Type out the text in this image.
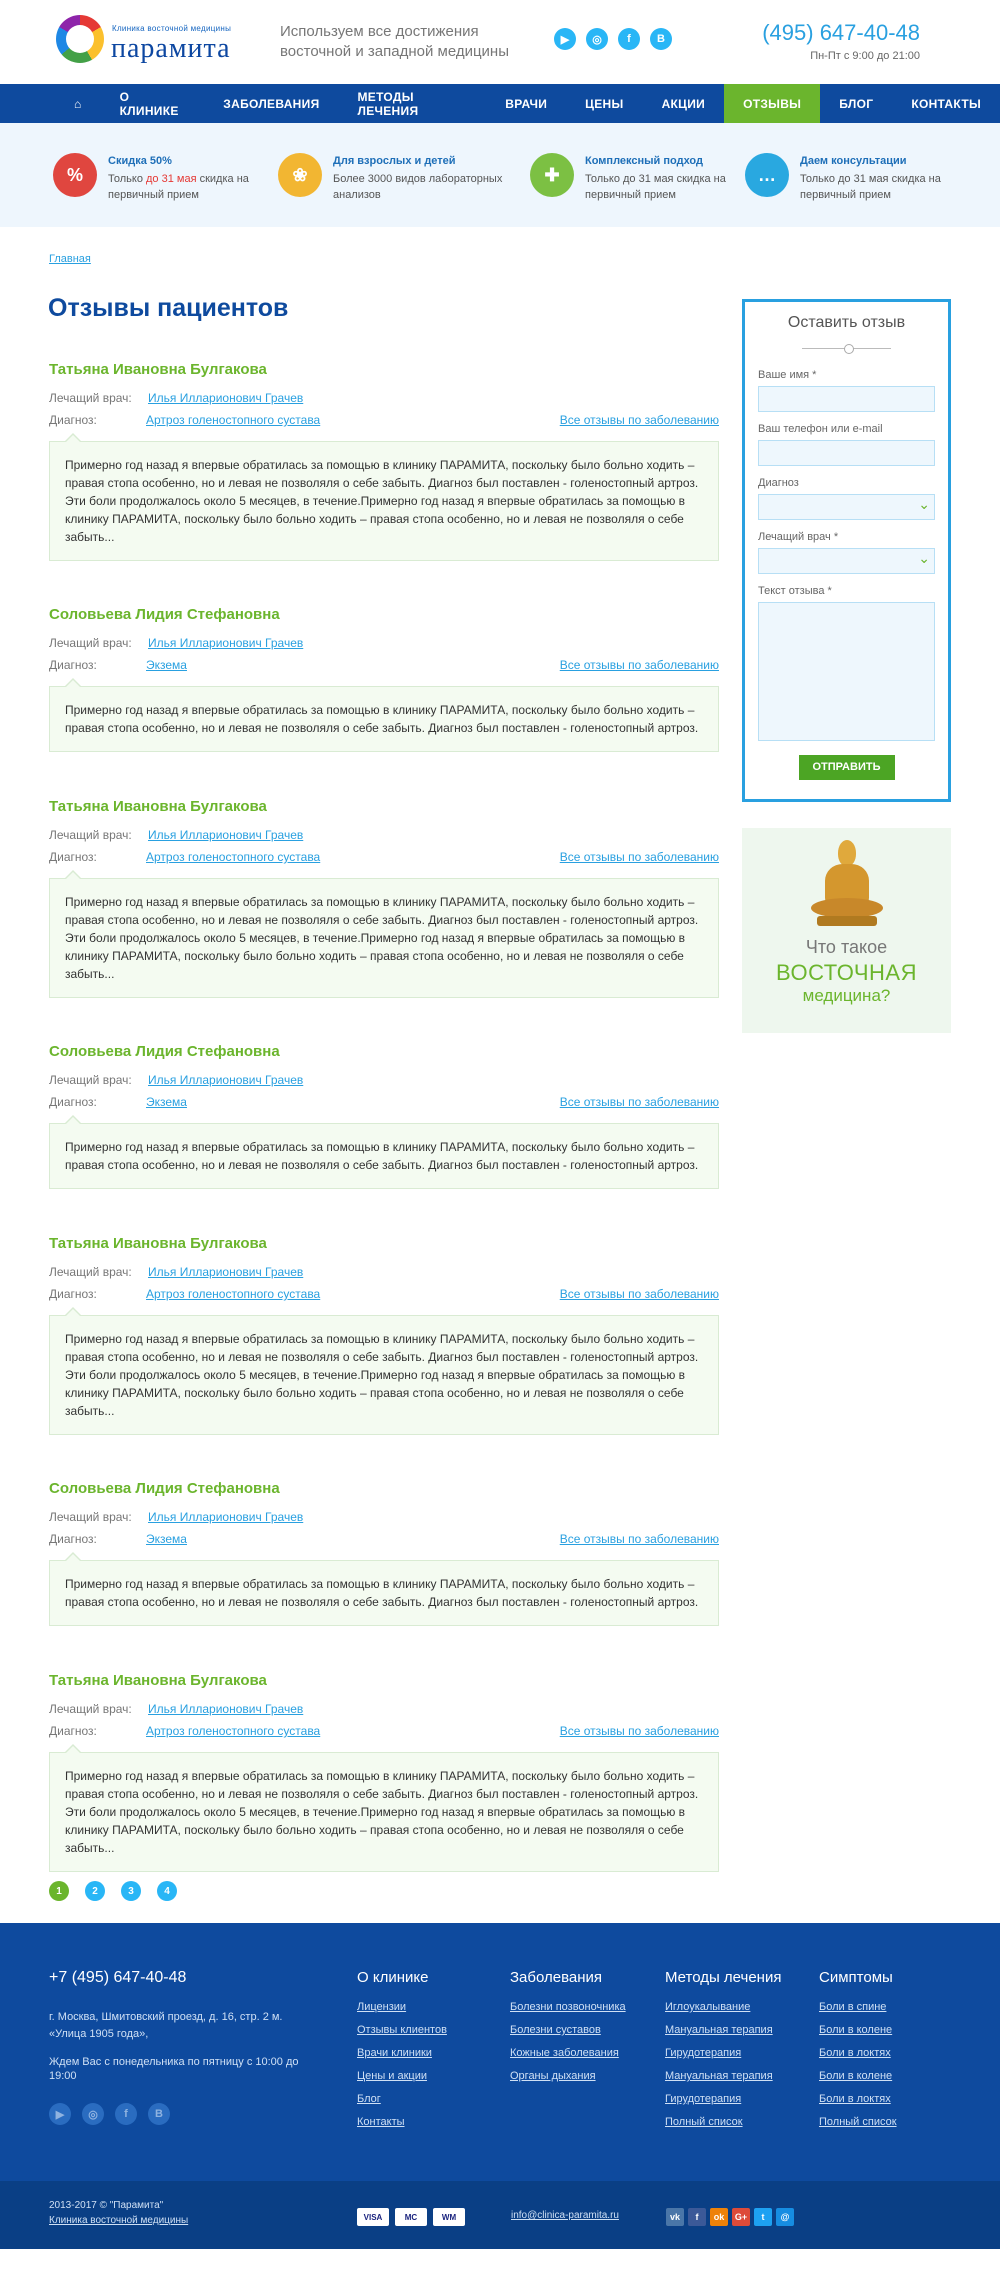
Клиника восточной медицины
парамита
Используем все достижения восточной и западной медицины
▶	◎	f	B	(495) 647-40-48
Пн-Пт с 9:00 до 21:00
⌂	О КЛИНИКЕ	ЗАБОЛЕВАНИЯ	МЕТОДЫ ЛЕЧЕНИЯ	ВРАЧИ	ЦЕНЫ	АКЦИИ	ОТЗЫВЫ	БЛОГ	КОНТАКТЫ
%
Скидка 50%
Только до 31 мая скидка на первичный прием
❀
Для взрослых и детей
Более 3000 видов лабораторных анализов
✚
Комплексный подход
Только до 31 мая скидка на первичный прием
…
Даем консультации
Только до 31 мая скидка на первичный прием
Главная
Отзывы пациентов
Татьяна Ивановна Булгакова
Лечащий врач: Илья Илларионович Грачев
Диагноз:	Артроз голеностопного сустава	Все отзывы по заболеванию
Примерно год назад я впервые обратилась за помощью в клинику ПАРАМИТА, поскольку было больно ходить – правая стопа особенно, но и левая не позволяля о себе забыть. Диагноз был поставлен - голеностопный артроз. Эти боли продолжалось около 5 месяцев, в течение.Примерно год назад я впервые обратилась за помощью в клинику ПАРАМИТА, поскольку было больно ходить – правая стопа особенно, но и левая не позволяля о себе забыть...
Соловьева Лидия Стефановна
Лечащий врач: Илья Илларионович Грачев
Диагноз:	Экзема	Все отзывы по заболеванию
Примерно год назад я впервые обратилась за помощью в клинику ПАРАМИТА, поскольку было больно ходить – правая стопа особенно, но и левая не позволяля о себе забыть. Диагноз был поставлен - голеностопный артроз.
Татьяна Ивановна Булгакова
Лечащий врач: Илья Илларионович Грачев
Диагноз:	Артроз голеностопного сустава	Все отзывы по заболеванию
Примерно год назад я впервые обратилась за помощью в клинику ПАРАМИТА, поскольку было больно ходить – правая стопа особенно, но и левая не позволяля о себе забыть. Диагноз был поставлен - голеностопный артроз. Эти боли продолжалось около 5 месяцев, в течение.Примерно год назад я впервые обратилась за помощью в клинику ПАРАМИТА, поскольку было больно ходить – правая стопа особенно, но и левая не позволяля о себе забыть...
Соловьева Лидия Стефановна
Лечащий врач: Илья Илларионович Грачев
Диагноз:	Экзема	Все отзывы по заболеванию
Примерно год назад я впервые обратилась за помощью в клинику ПАРАМИТА, поскольку было больно ходить – правая стопа особенно, но и левая не позволяля о себе забыть. Диагноз был поставлен - голеностопный артроз.
Татьяна Ивановна Булгакова
Лечащий врач: Илья Илларионович Грачев
Диагноз:	Артроз голеностопного сустава	Все отзывы по заболеванию
Примерно год назад я впервые обратилась за помощью в клинику ПАРАМИТА, поскольку было больно ходить – правая стопа особенно, но и левая не позволяля о себе забыть. Диагноз был поставлен - голеностопный артроз. Эти боли продолжалось около 5 месяцев, в течение.Примерно год назад я впервые обратилась за помощью в клинику ПАРАМИТА, поскольку было больно ходить – правая стопа особенно, но и левая не позволяля о себе забыть...
Соловьева Лидия Стефановна
Лечащий врач: Илья Илларионович Грачев
Диагноз:	Экзема	Все отзывы по заболеванию
Примерно год назад я впервые обратилась за помощью в клинику ПАРАМИТА, поскольку было больно ходить – правая стопа особенно, но и левая не позволяля о себе забыть. Диагноз был поставлен - голеностопный артроз.
Татьяна Ивановна Булгакова
Лечащий врач: Илья Илларионович Грачев
Диагноз:	Артроз голеностопного сустава	Все отзывы по заболеванию
Примерно год назад я впервые обратилась за помощью в клинику ПАРАМИТА, поскольку было больно ходить – правая стопа особенно, но и левая не позволяля о себе забыть. Диагноз был поставлен - голеностопный артроз. Эти боли продолжалось около 5 месяцев, в течение.Примерно год назад я впервые обратилась за помощью в клинику ПАРАМИТА, поскольку было больно ходить – правая стопа особенно, но и левая не позволяля о себе забыть...
1	2	3	4
Оставить отзыв
Ваше имя *
Ваш телефон или e-mail
Диагноз
⌄
Лечащий врач *
⌄
Текст отзыва *
ОТПРАВИТЬ
Что такое
ВОСТОЧНАЯ
медицина?
+7 (495) 647-40-48
г. Москва, Шмитовский проезд, д. 16, стр. 2 м. «Улица 1905 года»,
Ждем Вас с понедельника по пятницу с 10:00 до 19:00
▶	◎	f	B
О клинике
Лицензии
Отзывы клиентов
Врачи клиники
Цены и акции
Блог
Контакты
Заболевания
Болезни позвоночника
Болезни суставов
Кожные заболевания
Органы дыхания
Методы лечения
Иглоукалывание
Мануальная терапия
Гирудотерапия
Мануальная терапия
Гирудотерапия
Полный список
Симптомы
Боли в спине
Боли в колене
Боли в локтях
Боли в колене
Боли в локтях
Полный список
2013-2017 © "Парамита"
Клиника восточной медицины	VISA	MC	WM	info@clinica-paramita.ru	vk	f	ok	G+	t	@
